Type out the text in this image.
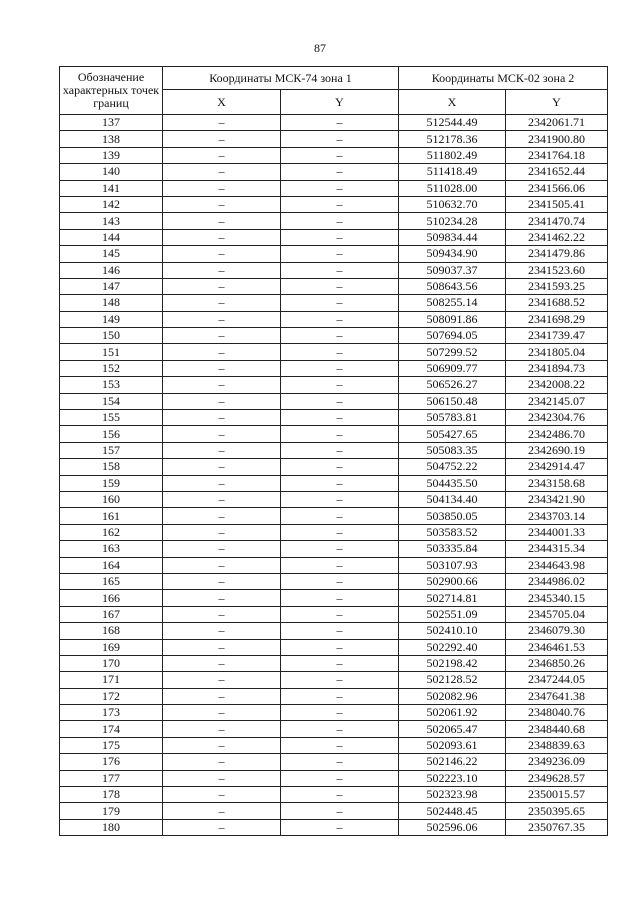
87
Обозначение характерных точек границ	Координаты МСК-74 зона 1		Координаты МСК-02 зона 2	
	X	Y	X	Y
137	–	–	512544.49	2342061.71
138	–	–	512178.36	2341900.80
139	–	–	511802.49	2341764.18
140	–	–	511418.49	2341652.44
141	–	–	511028.00	2341566.06
142	–	–	510632.70	2341505.41
143	–	–	510234.28	2341470.74
144	–	–	509834.44	2341462.22
145	–	–	509434.90	2341479.86
146	–	–	509037.37	2341523.60
147	–	–	508643.56	2341593.25
148	–	–	508255.14	2341688.52
149	–	–	508091.86	2341698.29
150	–	–	507694.05	2341739.47
151	–	–	507299.52	2341805.04
152	–	–	506909.77	2341894.73
153	–	–	506526.27	2342008.22
154	–	–	506150.48	2342145.07
155	–	–	505783.81	2342304.76
156	–	–	505427.65	2342486.70
157	–	–	505083.35	2342690.19
158	–	–	504752.22	2342914.47
159	–	–	504435.50	2343158.68
160	–	–	504134.40	2343421.90
161	–	–	503850.05	2343703.14
162	–	–	503583.52	2344001.33
163	–	–	503335.84	2344315.34
164	–	–	503107.93	2344643.98
165	–	–	502900.66	2344986.02
166	–	–	502714.81	2345340.15
167	–	–	502551.09	2345705.04
168	–	–	502410.10	2346079.30
169	–	–	502292.40	2346461.53
170	–	–	502198.42	2346850.26
171	–	–	502128.52	2347244.05
172	–	–	502082.96	2347641.38
173	–	–	502061.92	2348040.76
174	–	–	502065.47	2348440.68
175	–	–	502093.61	2348839.63
176	–	–	502146.22	2349236.09
177	–	–	502223.10	2349628.57
178	–	–	502323.98	2350015.57
179	–	–	502448.45	2350395.65
180	–	–	502596.06	2350767.35
